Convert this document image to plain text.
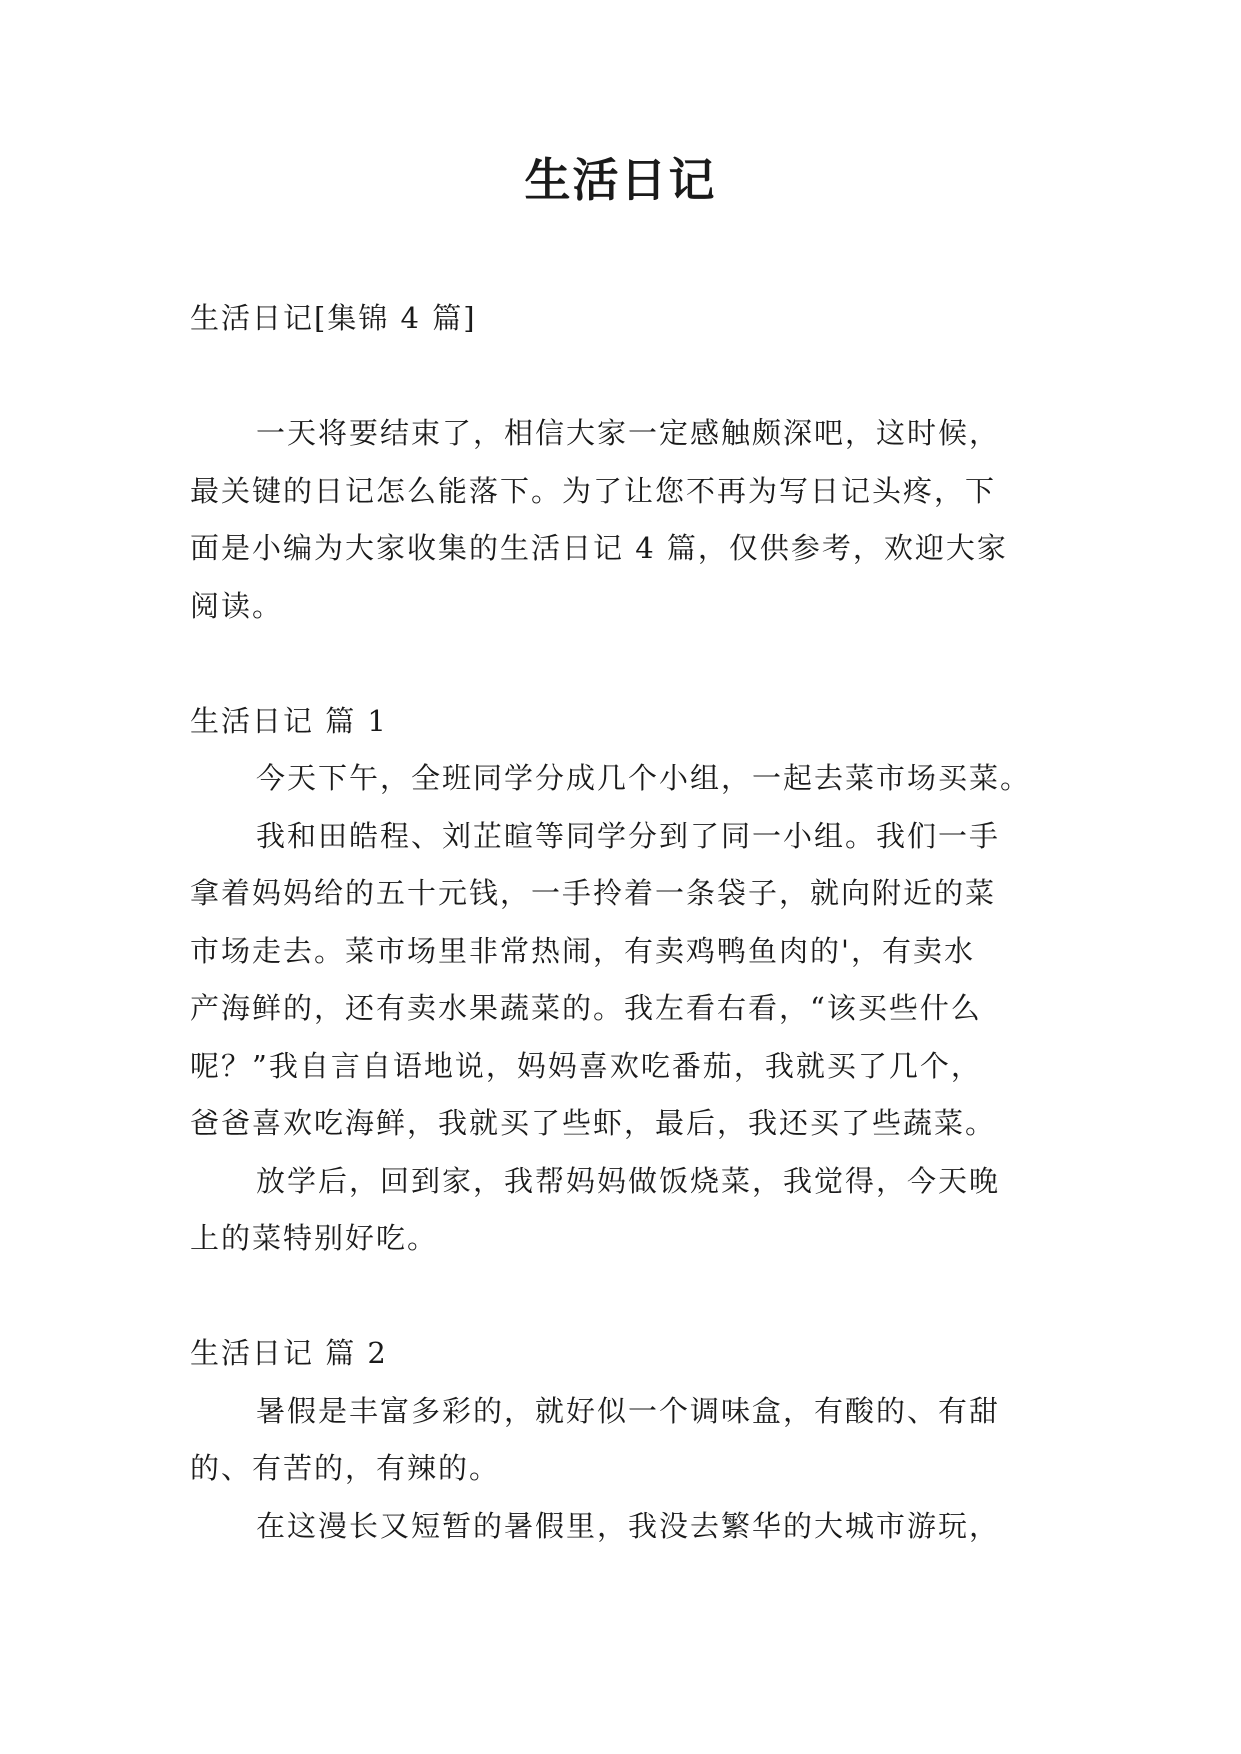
生活日记
生活日记[集锦 4 篇]
一天将要结束了，相信大家一定感触颇深吧，这时候，
最关键的日记怎么能落下。为了让您不再为写日记头疼，下
面是小编为大家收集的生活日记 4 篇，仅供参考，欢迎大家
阅读。
生活日记 篇 1
今天下午，全班同学分成几个小组，一起去菜市场买菜。
我和田皓程、刘芷暄等同学分到了同一小组。我们一手
拿着妈妈给的五十元钱，一手拎着一条袋子，就向附近的菜
市场走去。菜市场里非常热闹，有卖鸡鸭鱼肉的'，有卖水
产海鲜的，还有卖水果蔬菜的。我左看右看，“该买些什么
呢？”我自言自语地说，妈妈喜欢吃番茄，我就买了几个，
爸爸喜欢吃海鲜，我就买了些虾，最后，我还买了些蔬菜。
放学后，回到家，我帮妈妈做饭烧菜，我觉得，今天晚
上的菜特别好吃。
生活日记 篇 2
暑假是丰富多彩的，就好似一个调味盒，有酸的、有甜
的、有苦的，有辣的。
在这漫长又短暂的暑假里，我没去繁华的大城市游玩，
